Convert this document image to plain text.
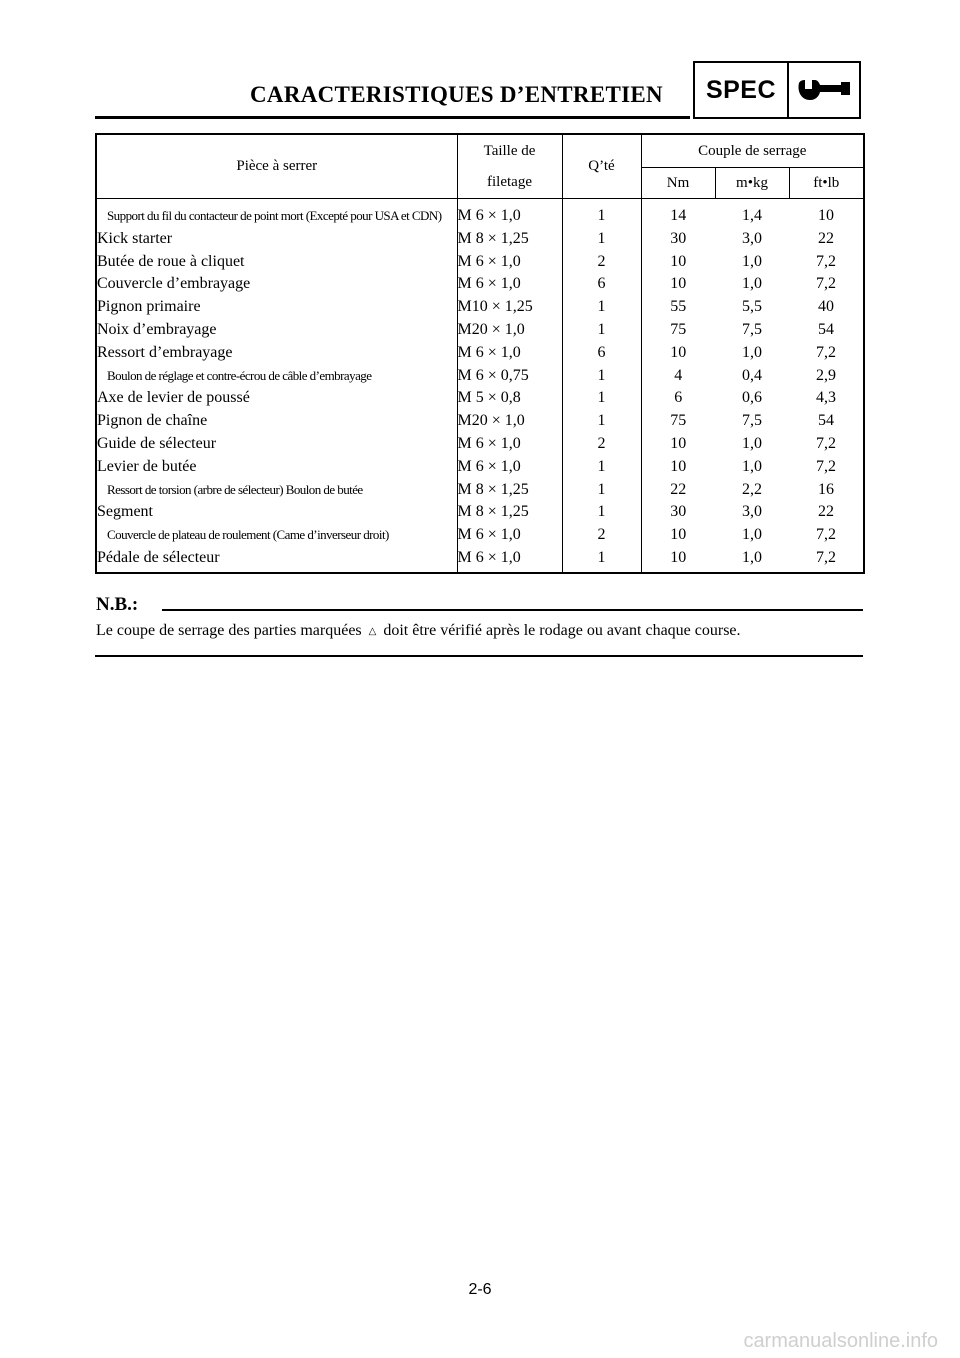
CARACTERISTIQUES D’ENTRETIEN	SPEC
Pièce à serrer	Taille de	Q’té	Couple de serrage		
	filetage		Nm	m•kg	ft•lb
Support du fil du contacteur de point mort (Excepté pour USA et CDN)	M 6 × 1,0	1	14	1,4	10
Kick starter	M 8 × 1,25	1	30	3,0	22
Butée de roue à cliquet	M 6 × 1,0	2	10	1,0	7,2
Couvercle d’embrayage	M 6 × 1,0	6	10	1,0	7,2
Pignon primaire	M10 × 1,25	1	55	5,5	40
Noix d’embrayage	M20 × 1,0	1	75	7,5	54
Ressort d’embrayage	M 6 × 1,0	6	10	1,0	7,2
Boulon de réglage et contre-écrou de câble d’embrayage	M 6 × 0,75	1	4	0,4	2,9
Axe de levier de poussé	M 5 × 0,8	1	6	0,6	4,3
Pignon de chaîne	M20 × 1,0	1	75	7,5	54
Guide de sélecteur	M 6 × 1,0	2	10	1,0	7,2
Levier de butée	M 6 × 1,0	1	10	1,0	7,2
Ressort de torsion (arbre de sélecteur) Boulon de butée	M 8 × 1,25	1	22	2,2	16
Segment	M 8 × 1,25	1	30	3,0	22
Couvercle de plateau de roulement (Came d’inverseur droit)	M 6 × 1,0	2	10	1,0	7,2
Pédale de sélecteur	M 6 × 1,0	1	10	1,0	7,2
N.B.:
Le coupe de serrage des parties marquées △ doit être vérifié après le rodage ou avant chaque course.
2-6
carmanualsonline.info
